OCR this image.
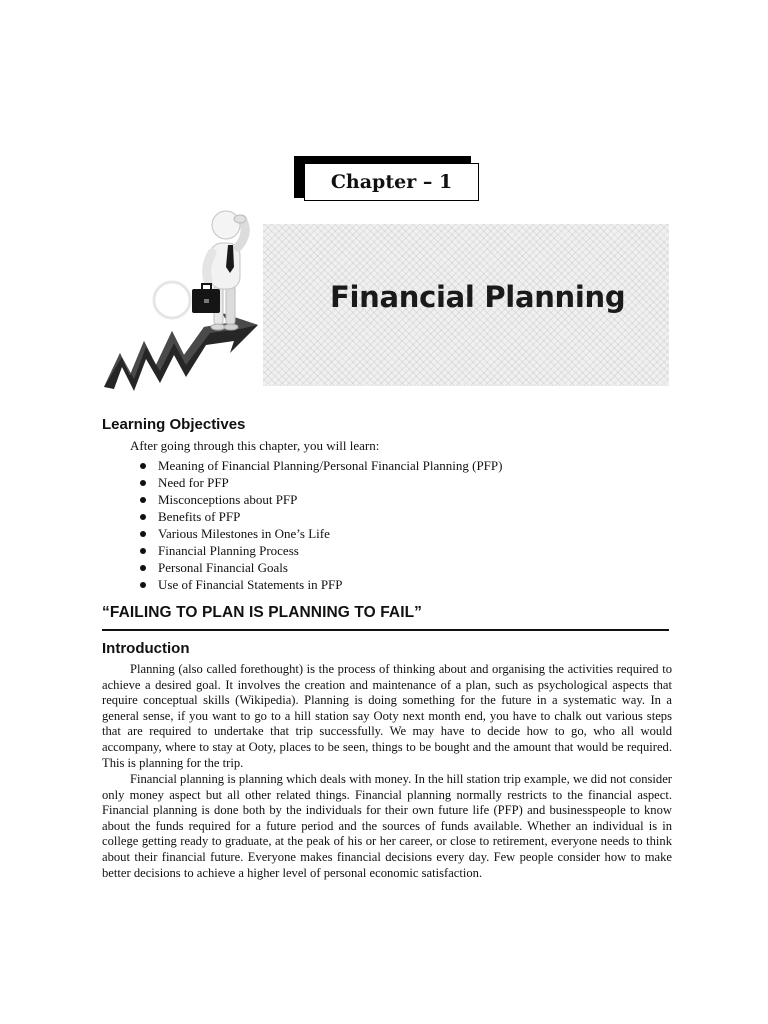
Chapter – 1
Financial Planning
Learning Objectives
After going through this chapter, you will learn:
Meaning of Financial Planning/Personal Financial Planning (PFP)
Need for PFP
Misconceptions about PFP
Benefits of PFP
Various Milestones in One’s Life
Financial Planning Process
Personal Financial Goals
Use of Financial Statements in PFP
“FAILING TO PLAN IS PLANNING TO FAIL”
Introduction

Planning (also called forethought) is the process of thinking about and organising the activities required to achieve a desired goal. It involves the creation and maintenance of a plan, such as psychological aspects that require conceptual skills (Wikipedia). Planning is doing something for the future in a systematic way. In a general sense, if you want to go to a hill station say Ooty next month end, you have to chalk out various steps that are required to undertake that trip successfully. We may have to decide how to go, who all would accompany, where to stay at Ooty, places to be seen, things to be bought and the amount that would be required. This is planning for the trip.

Financial planning is planning which deals with money. In the hill station trip example, we did not consider only money aspect but all other related things. Financial planning normally restricts to the financial aspect. Financial planning is done both by the individuals for their own future life (PFP) and businesspeople to know about the funds required for a future period and the sources of funds available. Whether an individual is in college getting ready to graduate, at the peak of his or her career, or close to retirement, everyone needs to think about their financial future. Everyone makes financial decisions every day. Few people consider how to make better decisions to achieve a higher level of personal economic satisfaction.
